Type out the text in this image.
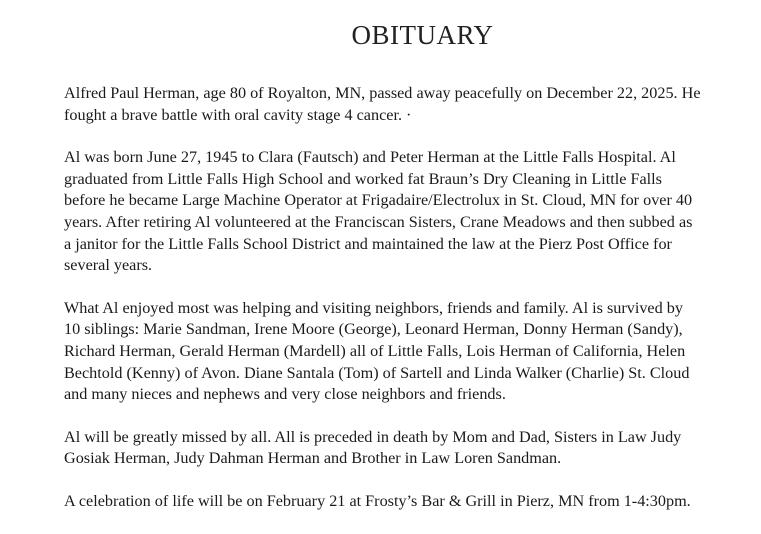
OBITUARY

Alfred Paul Herman, age 80 of Royalton, MN, passed away peacefully on December 22, 2025. He
fought a brave battle with oral cavity stage 4 cancer. ·

Al was born June 27, 1945 to Clara (Fautsch) and Peter Herman at the Little Falls Hospital. Al
graduated from Little Falls High School and worked fat Braun’s Dry Cleaning in Little Falls
before he became Large Machine Operator at Frigadaire/Electrolux in St. Cloud, MN for over 40
years. After retiring Al volunteered at the Franciscan Sisters, Crane Meadows and then subbed as
a janitor for the Little Falls School District and maintained the law at the Pierz Post Office for
several years.

What Al enjoyed most was helping and visiting neighbors, friends and family. Al is survived by
10 siblings: Marie Sandman, Irene Moore (George), Leonard Herman, Donny Herman (Sandy),
Richard Herman, Gerald Herman (Mardell) all of Little Falls, Lois Herman of California, Helen
Bechtold (Kenny) of Avon. Diane Santala (Tom) of Sartell and Linda Walker (Charlie) St. Cloud
and many nieces and nephews and very close neighbors and friends.

Al will be greatly missed by all. All is preceded in death by Mom and Dad, Sisters in Law Judy
Gosiak Herman, Judy Dahman Herman and Brother in Law Loren Sandman.

A celebration of life will be on February 21 at Frosty’s Bar & Grill in Pierz, MN from 1-4:30pm.
